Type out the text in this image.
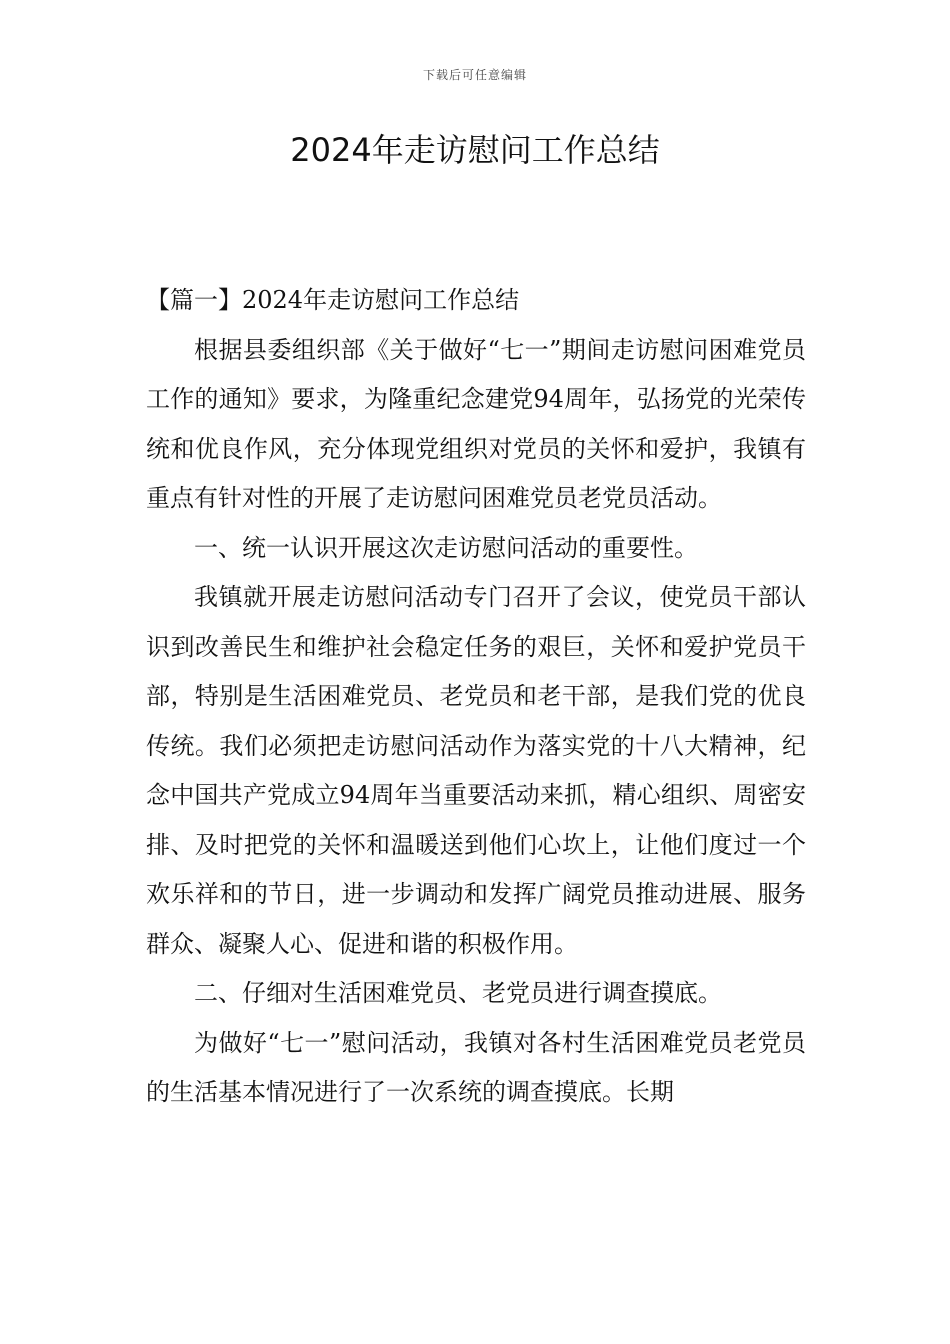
下载后可任意编辑
2024年走访慰问工作总结

【篇一】2024年走访慰问工作总结

根据县委组织部《关于做好“七一”期间走访慰问困难党员工作的通知》要求，为隆重纪念建党94周年，弘扬党的光荣传统和优良作风，充分体现党组织对党员的关怀和爱护，我镇有重点有针对性的开展了走访慰问困难党员老党员活动。

一、统一认识开展这次走访慰问活动的重要性。

我镇就开展走访慰问活动专门召开了会议，使党员干部认识到改善民生和维护社会稳定任务的艰巨，关怀和爱护党员干部，特别是生活困难党员、老党员和老干部，是我们党的优良传统。我们必须把走访慰问活动作为落实党的十八大精神，纪念中国共产党成立94周年当重要活动来抓，精心组织、周密安排、及时把党的关怀和温暖送到他们心坎上，让他们度过一个欢乐祥和的节日，进一步调动和发挥广阔党员推动进展、服务群众、凝聚人心、促进和谐的积极作用。

二、仔细对生活困难党员、老党员进行调查摸底。

为做好“七一”慰问活动，我镇对各村生活困难党员老党员的生活基本情况进行了一次系统的调查摸底。长期
